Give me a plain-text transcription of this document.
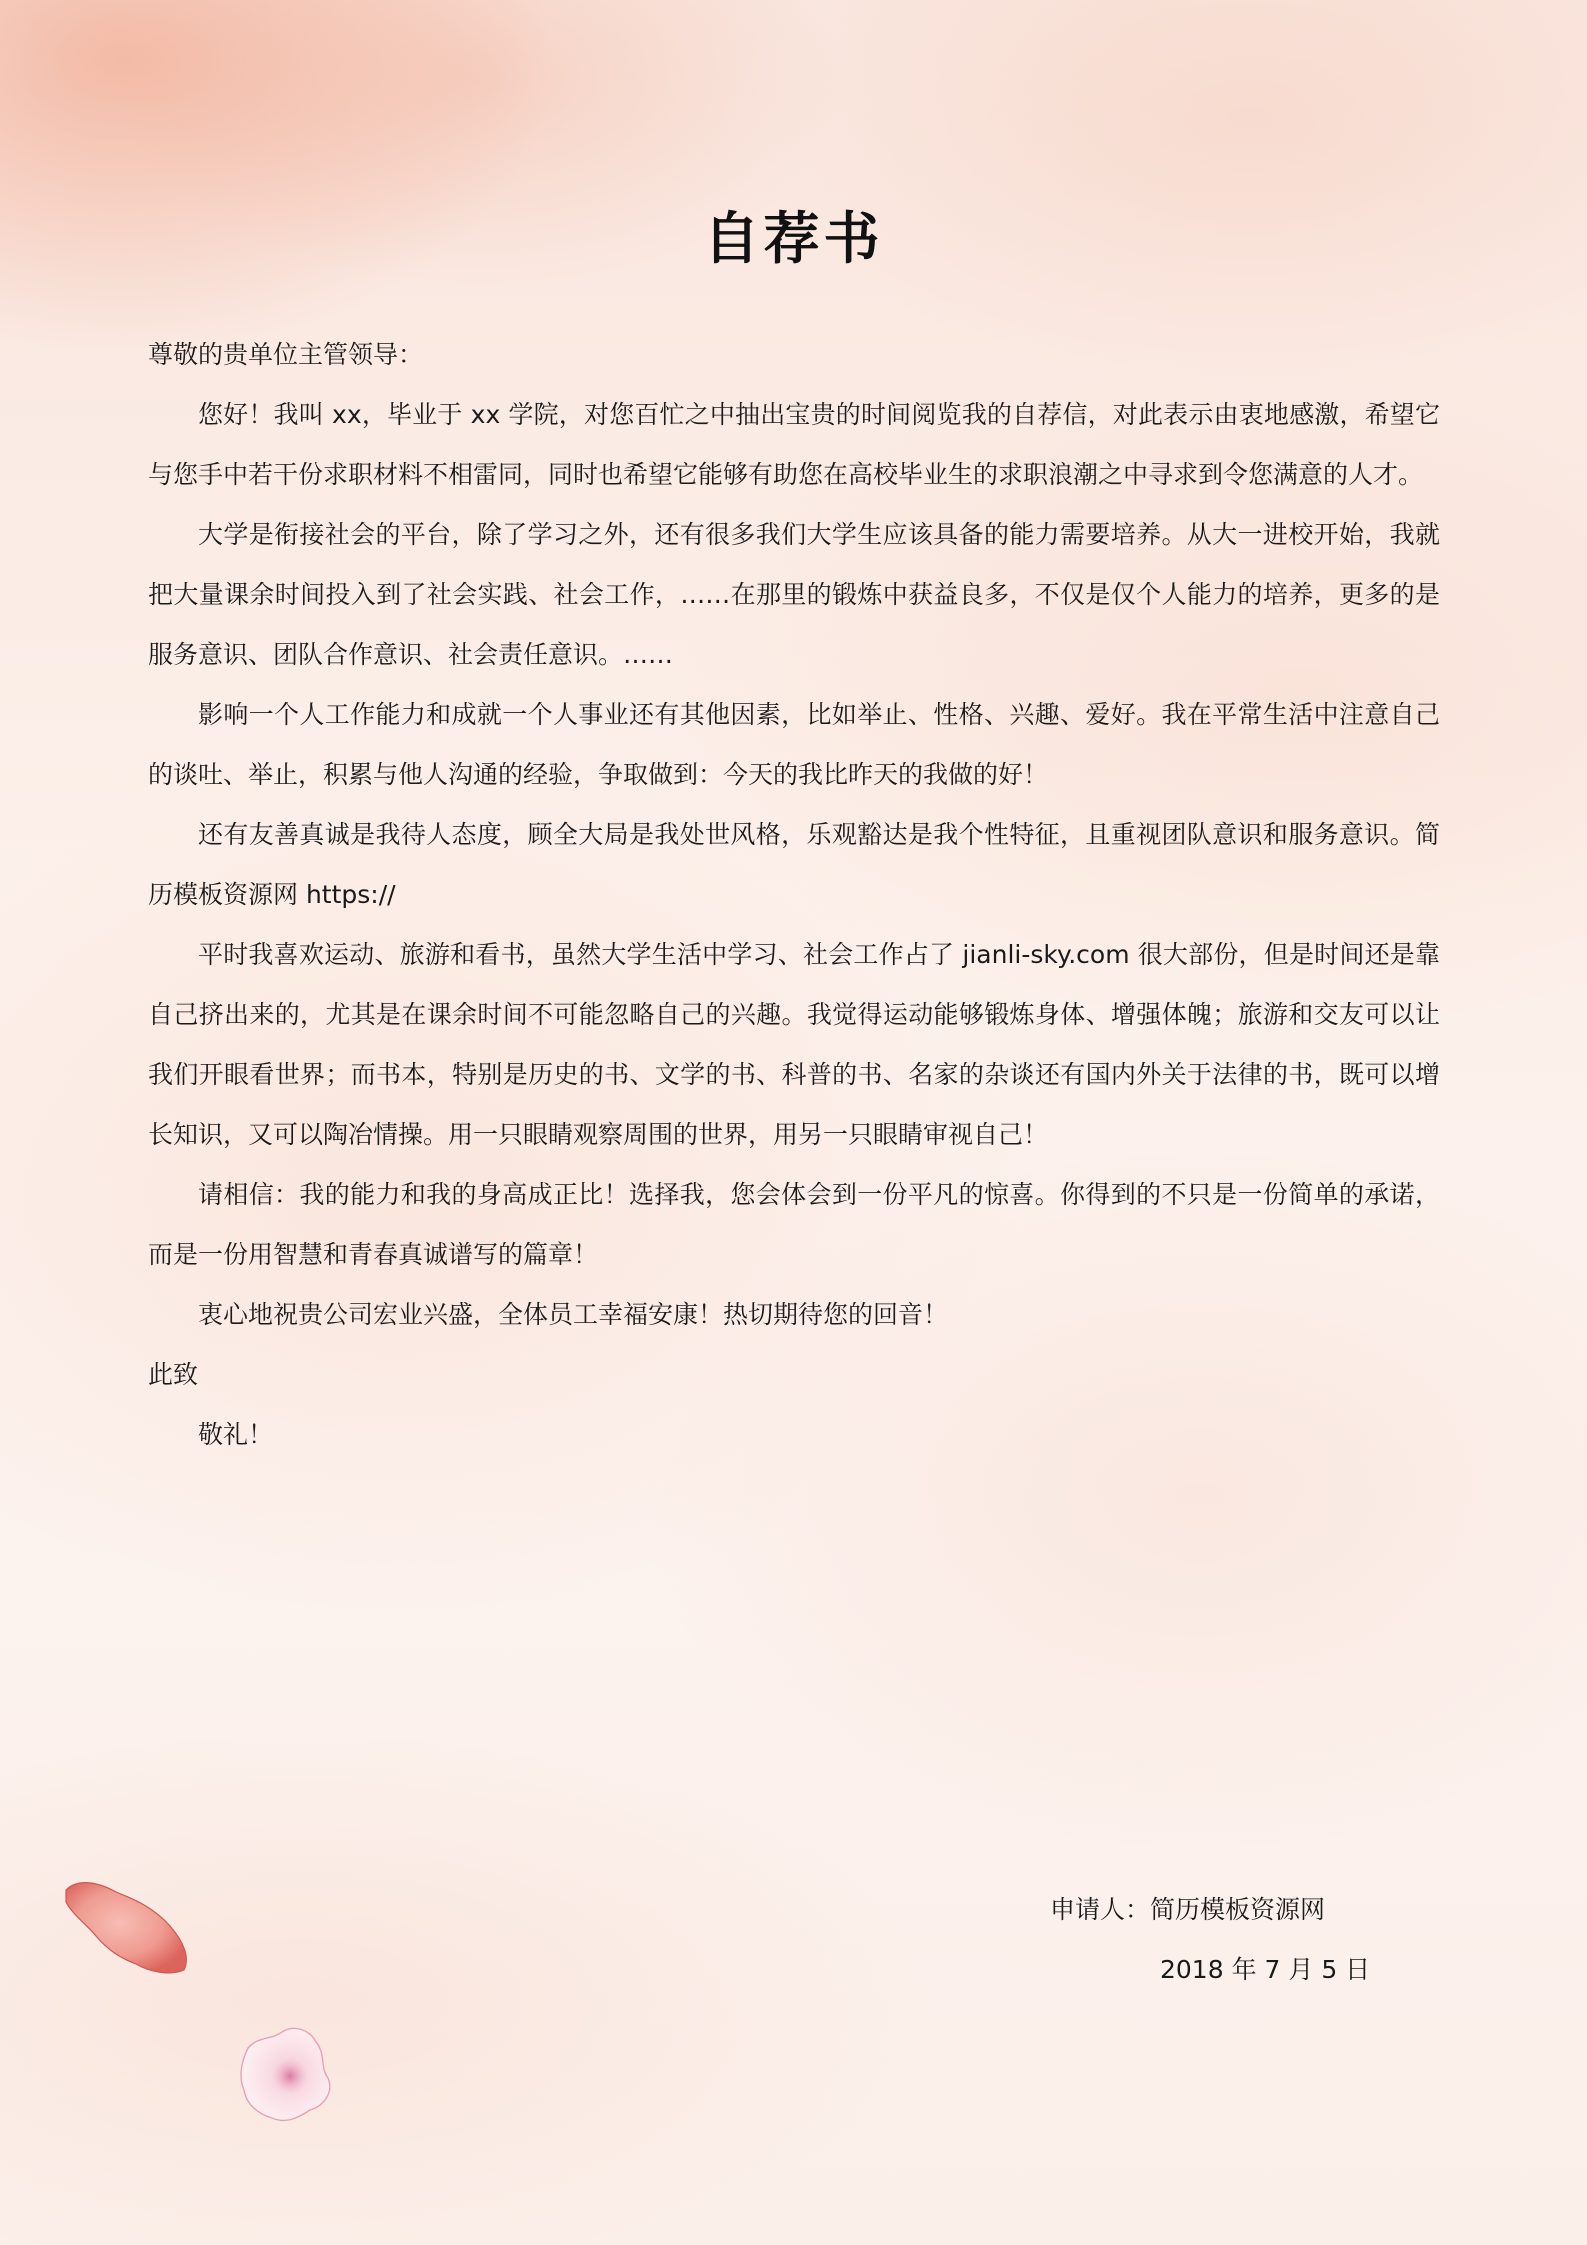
自荐书

尊敬的贵单位主管领导：

您好！我叫 xx，毕业于 xx 学院，对您百忙之中抽出宝贵的时间阅览我的自荐信，对此表示由衷地感激，希望它与您手中若干份求职材料不相雷同，同时也希望它能够有助您在高校毕业生的求职浪潮之中寻求到令您满意的人才。

大学是衔接社会的平台，除了学习之外，还有很多我们大学生应该具备的能力需要培养。从大一进校开始，我就把大量课余时间投入到了社会实践、社会工作，……在那里的锻炼中获益良多，不仅是仅个人能力的培养，更多的是服务意识、团队合作意识、社会责任意识。……

影响一个人工作能力和成就一个人事业还有其他因素，比如举止、性格、兴趣、爱好。我在平常生活中注意自己的谈吐、举止，积累与他人沟通的经验，争取做到：今天的我比昨天的我做的好！

还有友善真诚是我待人态度，顾全大局是我处世风格，乐观豁达是我个性特征，且重视团队意识和服务意识。简历模板资源网 https://

平时我喜欢运动、旅游和看书，虽然大学生活中学习、社会工作占了 jianli-sky.com 很大部份，但是时间还是靠自己挤出来的，尤其是在课余时间不可能忽略自己的兴趣。我觉得运动能够锻炼身体、增强体魄；旅游和交友可以让我们开眼看世界；而书本，特别是历史的书、文学的书、科普的书、名家的杂谈还有国内外关于法律的书，既可以增长知识，又可以陶冶情操。用一只眼睛观察周围的世界，用另一只眼睛审视自己！

请相信：我的能力和我的身高成正比！选择我，您会体会到一份平凡的惊喜。你得到的不只是一份简单的承诺，而是一份用智慧和青春真诚谱写的篇章！

衷心地祝贵公司宏业兴盛，全体员工幸福安康！热切期待您的回音！

此致

敬礼！

申请人：简历模板资源网
2018 年 7 月 5 日
